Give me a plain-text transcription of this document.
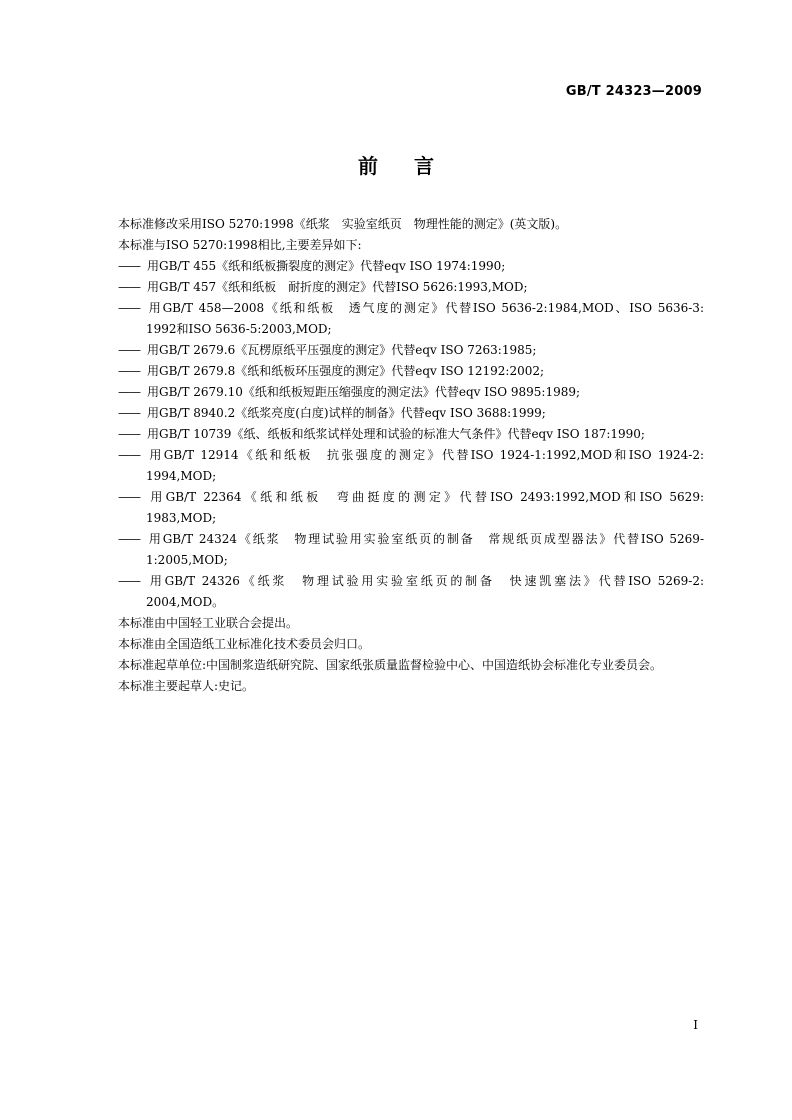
GB/T 24323—2009
前言

本标准修改采用ISO 5270:1998《纸浆　实验室纸页　物理性能的测定》(英文版)。

本标准与ISO 5270:1998相比,主要差异如下:

—— 用GB/T 455《纸和纸板撕裂度的测定》代替eqv ISO 1974:1990;
—— 用GB/T 457《纸和纸板　耐折度的测定》代替ISO 5626:1993,MOD;
—— 用GB/T 458—2008《纸和纸板　透气度的测定》代替ISO 5636-2:1984,MOD、ISO 5636-3:
1992和ISO 5636-5:2003,MOD;
—— 用GB/T 2679.6《瓦楞原纸平压强度的测定》代替eqv ISO 7263:1985;
—— 用GB/T 2679.8《纸和纸板环压强度的测定》代替eqv ISO 12192:2002;
—— 用GB/T 2679.10《纸和纸板短距压缩强度的测定法》代替eqv ISO 9895:1989;
—— 用GB/T 8940.2《纸浆亮度(白度)试样的制备》代替eqv ISO 3688:1999;
—— 用GB/T 10739《纸、纸板和纸浆试样处理和试验的标准大气条件》代替eqv ISO 187:1990;
—— 用GB/T 12914《纸和纸板　抗张强度的测定》代替ISO 1924-1:1992,MOD和ISO 1924-2:
1994,MOD;
—— 用GB/T 22364《纸和纸板　弯曲挺度的测定》代替ISO 2493:1992,MOD和ISO 5629:
1983,MOD;
—— 用GB/T 24324《纸浆　物理试验用实验室纸页的制备　常规纸页成型器法》代替ISO 5269-
1:2005,MOD;
—— 用GB/T 24326《纸浆　物理试验用实验室纸页的制备　快速凯塞法》代替ISO 5269-2:
2004,MOD。

本标准由中国轻工业联合会提出。

本标准由全国造纸工业标准化技术委员会归口。

本标准起草单位:中国制浆造纸研究院、国家纸张质量监督检验中心、中国造纸协会标准化专业委员会。

本标准主要起草人:史记。

I
